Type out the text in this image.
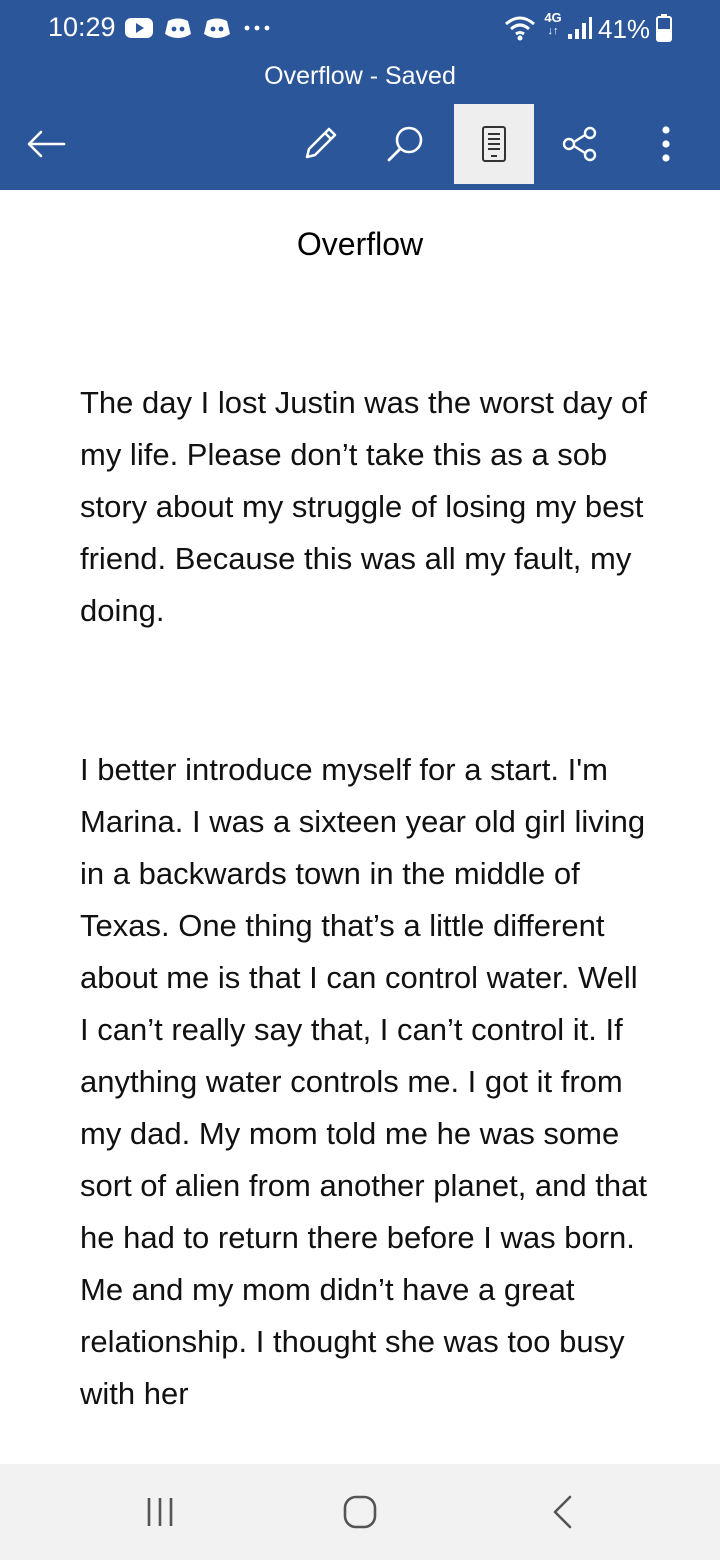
10:29	4G
↓↑ 41%
Overflow - Saved
Overflow
The day I lost Justin was the worst day of my life. Please don’t take this as a sob story about my struggle of losing my best friend. Because this was all my fault, my doing.
I better introduce myself for a start. I'm Marina. I was a sixteen year old girl living in a backwards town in the middle of Texas. One thing that’s a little different about me is that I can control water. Well I can’t really say that, I can’t control it. If anything water controls me. I got it from my dad. My mom told me he was some sort of alien from another planet, and that he had to return there before I was born. Me and my mom didn’t have a great relationship. I thought she was too busy with her
